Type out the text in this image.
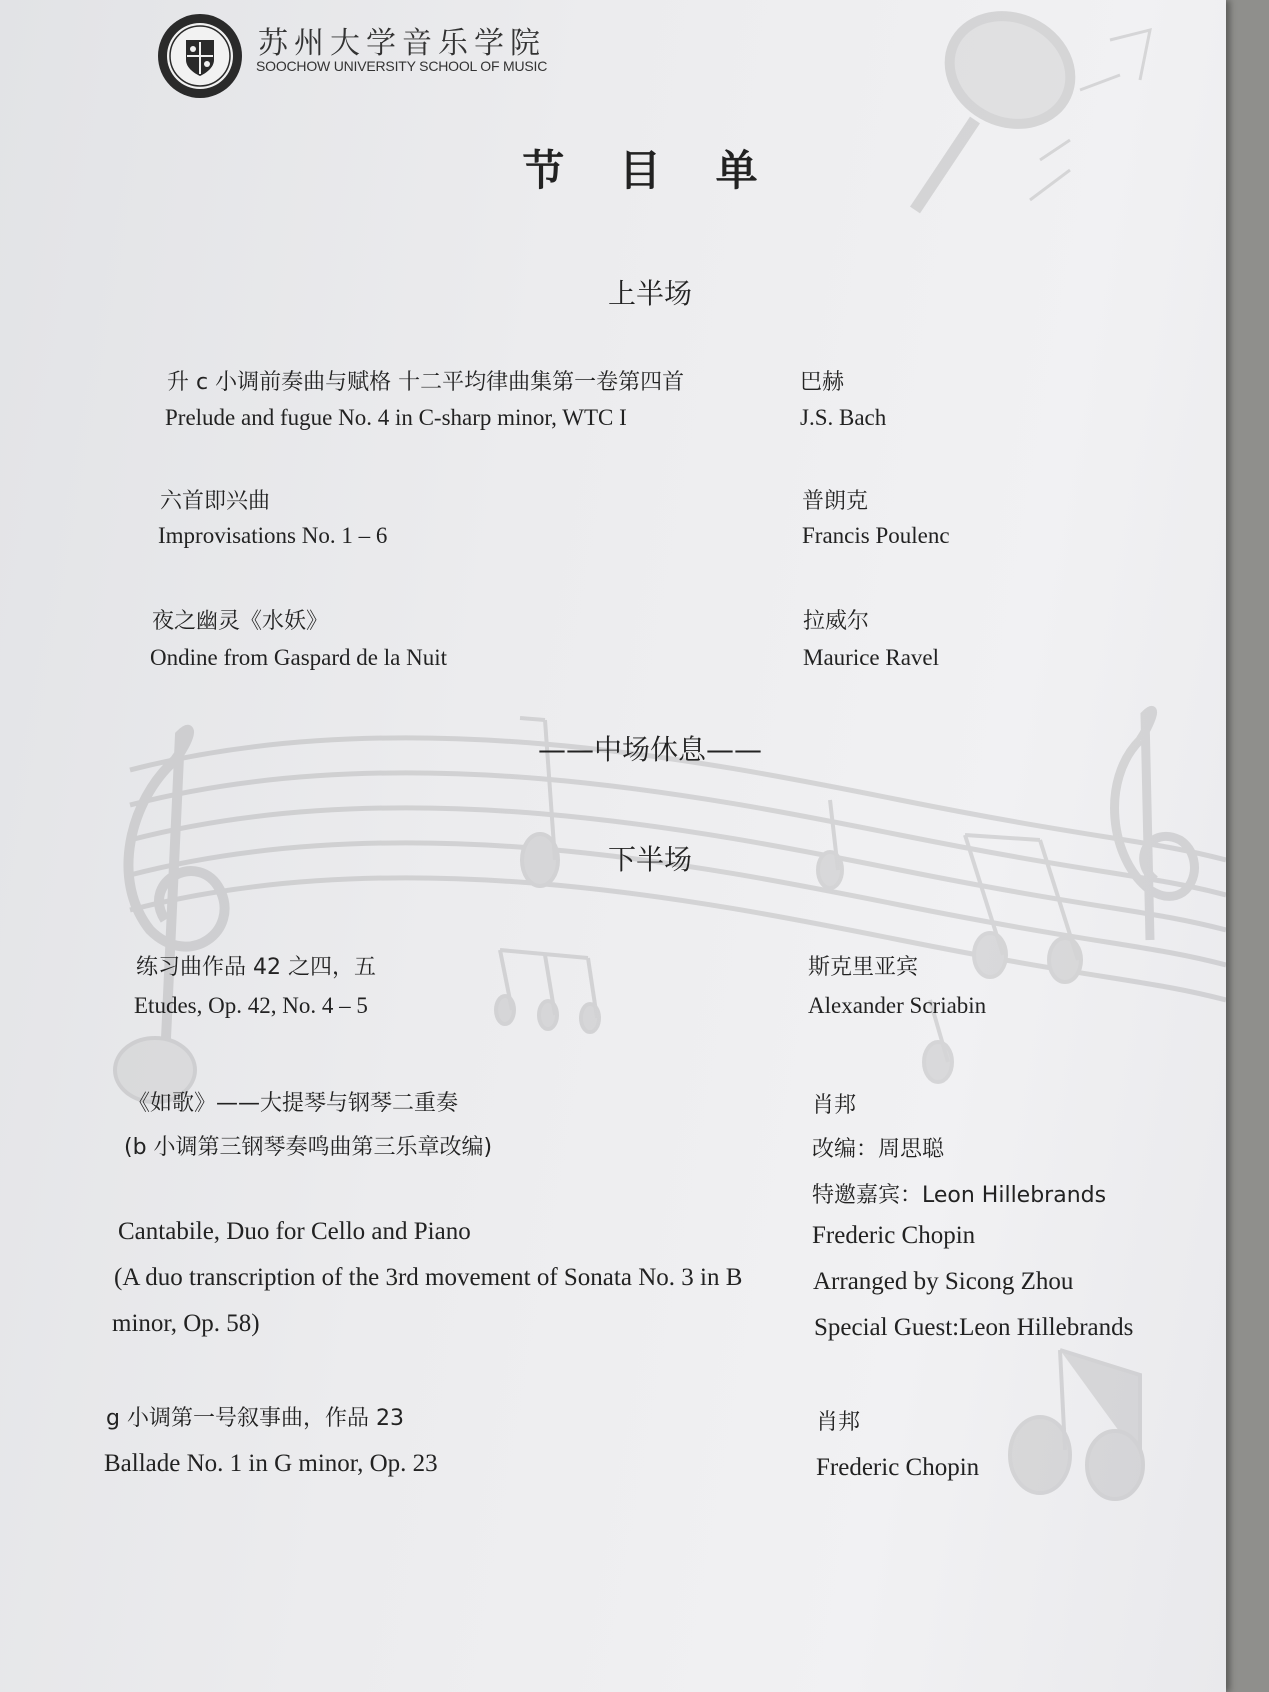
苏州大学音乐学院
SOOCHOW UNIVERSITY SCHOOL OF MUSIC
节 目 单
上半场
升 c 小调前奏曲与赋格 十二平均律曲集第一卷第四首
Prelude and fugue No. 4 in C-sharp minor, WTC I
巴赫
J.S. Bach
六首即兴曲
Improvisations No. 1 – 6
普朗克
Francis Poulenc
夜之幽灵《水妖》
Ondine from Gaspard de la Nuit
拉威尔
Maurice Ravel
——中场休息——
下半场
练习曲作品 42 之四，五
Etudes, Op. 42, No. 4 – 5
斯克里亚宾
Alexander Scriabin
《如歌》——大提琴与钢琴二重奏
(b 小调第三钢琴奏鸣曲第三乐章改编)
肖邦
改编：周思聪
特邀嘉宾：Leon Hillebrands
Cantabile, Duo for Cello and Piano
(A duo transcription of the 3rd movement of Sonata No. 3 in B
minor, Op. 58)
Frederic Chopin
Arranged by Sicong Zhou
Special Guest:Leon Hillebrands
g 小调第一号叙事曲，作品 23
Ballade No. 1 in G minor, Op. 23
肖邦
Frederic Chopin
